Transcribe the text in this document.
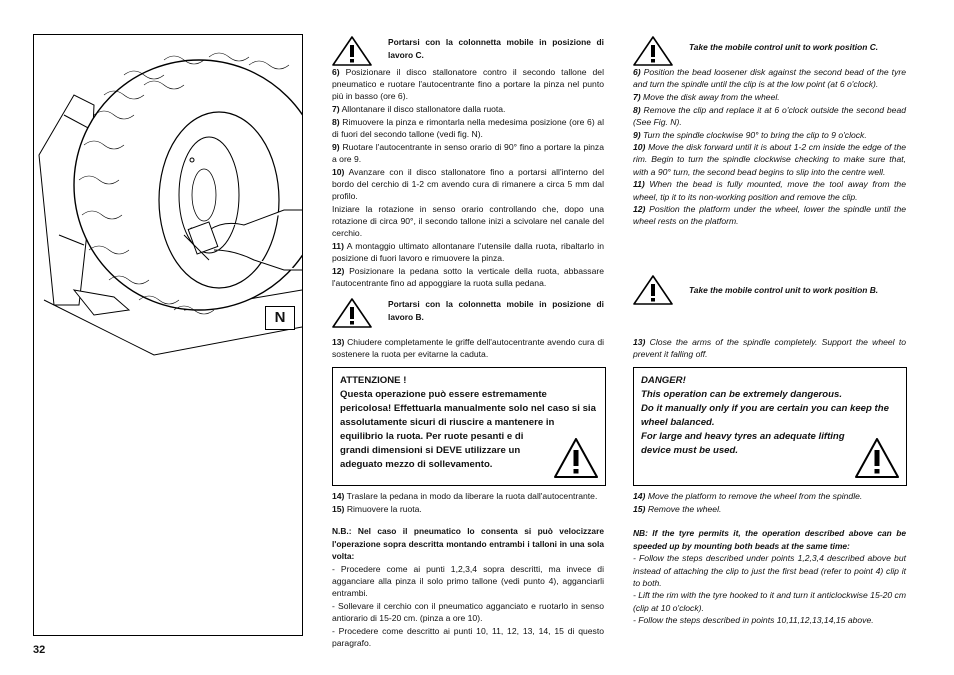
N
32
Portarsi con la colonnetta mobile in posizione di lavoro C.

6) Posizionare il disco stallonatore contro il secondo tallone del pneumatico e ruotare l'autocentrante fino a portare la pinza nel punto più in basso (ore 6).

7) Allontanare il disco stallonatore dalla ruota.

8) Rimuovere la pinza e rimontarla nella medesima posizione (ore 6) al di fuori del secondo tallone (vedi fig. N).

9) Ruotare l'autocentrante in senso orario di 90° fino a portare la pinza a ore 9.

10) Avanzare con il disco stallonatore fino a portarsi all'interno del bordo del cerchio di 1-2 cm avendo cura di rimanere a circa 5 mm dal profilo.

Iniziare la rotazione in senso orario controllando che, dopo una rotazione di circa 90°, il secondo tallone inizi a scivolare nel canale del cerchio.

11) A montaggio ultimato allontanare l'utensile dalla ruota, ribaltarlo in posizione di fuori lavoro e rimuovere la pinza.

12) Posizionare la pedana sotto la verticale della ruota, abbassare l'autocentrante fino ad appoggiare la ruota sulla pedana.

Portarsi con la colonnetta mobile in posizione di lavoro B.

13) Chiudere completamente le griffe dell'autocentrante avendo cura di sostenere la ruota per evitarne la caduta.

ATTENZIONE !
Questa operazione può essere estremamente
pericolosa! Effettuarla manualmente solo nel caso si sia
assolutamente sicuri di riuscire a mantenere in
equilibrio la ruota. Per ruote pesanti e di
grandi dimensioni si DEVE utilizzare un
adeguato mezzo di sollevamento.

14) Traslare la pedana in modo da liberare la ruota dall'autocentrante.

15) Rimuovere la ruota.

N.B.: Nel caso il pneumatico lo consenta si può velocizzare l'operazione sopra descritta montando entrambi i talloni in una sola volta:

- Procedere come ai punti 1,2,3,4 sopra descritti, ma invece di agganciare alla pinza il solo primo tallone (vedi punto 4), agganciarli entrambi.

- Sollevare il cerchio con il pneumatico agganciato e ruotarlo in senso antiorario di 15-20 cm. (pinza a ore 10).

- Procedere come descritto ai punti 10, 11, 12, 13, 14, 15 di questo paragrafo.

Take the mobile control unit to work position C.

6) Position the bead loosener disk against the second bead of the tyre and turn the spindle until the clip is at the low point (at 6 o'clock).

7) Move the disk away from the wheel.

8) Remove the clip and replace it at 6 o'clock outside the second bead (See Fig. N).

9) Turn the spindle clockwise 90° to bring the clip to 9 o'clock.

10) Move the disk forward until it is about 1-2 cm inside the edge of the rim. Begin to turn the spindle clockwise checking to make sure that, with a 90° turn, the second bead begins to slip into the centre well.

11) When the bead is fully mounted, move the tool away from the wheel, tip it to its non-working position and remove the clip.

12) Position the platform under the wheel, lower the spindle until the wheel rests on the platform.

Take the mobile control unit to work position B.

13) Close the arms of the spindle completely. Support the wheel to prevent it falling off.

DANGER!
This operation can be extremely dangerous.
Do it manually only if you are certain you can keep the
wheel balanced.
For large and heavy tyres an adequate lifting
device must be used.

14) Move the platform to remove the wheel from the spindle.

15) Remove the wheel.

NB: If the tyre permits it, the operation described above can be speeded up by mounting both beads at the same time:

- Follow the steps described under points 1,2,3,4 described above but instead of attaching the clip to just the first bead (refer to point 4) clip it to both.

- Lift the rim with the tyre hooked to it and turn it anticlockwise 15-20 cm (clip at 10 o'clock).

- Follow the steps described in points 10,11,12,13,14,15 above.
